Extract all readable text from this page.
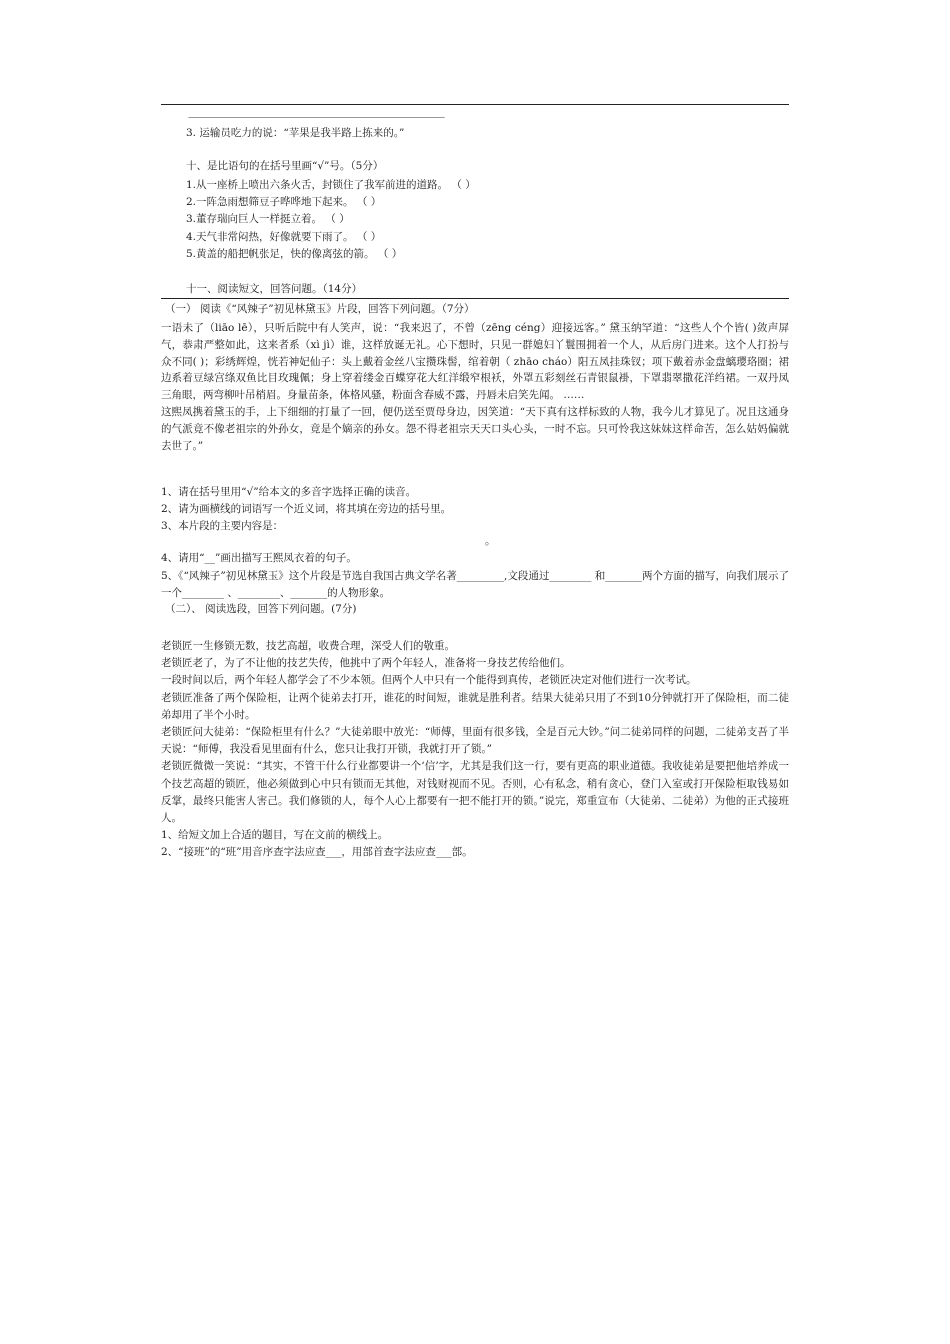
————————————————————————————————
3. 运输员吃力的说：“苹果是我半路上拣来的。”
十、是比语句的在括号里画“√”号。（5分）
1.从一座桥上喷出六条火舌，封锁住了我军前进的道路。 （ ）
2.一阵急雨想筛豆子哗哗地下起来。 （ ）
3.董存瑞向巨人一样挺立着。 （ ）
4.天气非常闷热，好像就要下雨了。 （ ）
5.黄盖的船把帆张足，快的像离弦的箭。 （ ）
十一、阅读短文，回答问题。（14分）
（一） 阅读《“风辣子”初见林黛玉》片段，回答下列问题。（7分）

一语未了（liāo lē），只听后院中有人笑声，说：“我来迟了，不曾（zēng céng）迎接远客。” 黛玉纳罕道：“这些人个个皆( )敛声屏气，恭肃严整如此，这来者系（xì jì）谁，这样放诞无礼。心下想时，只见一群媳妇丫鬟围拥着一个人，从后房门进来。这个人打扮与众不同( )；彩绣辉煌，恍若神妃仙子：头上戴着金丝八宝攒珠髻，绾着朝（ zhāo cháo）阳五凤挂珠钗；项下戴着赤金盘螭璎珞圈；裙边系着豆绿宫绦双鱼比目玫瑰佩；身上穿着缕金百蝶穿花大红洋缎窄根袄，外罩五彩刻丝石青银鼠褂，下罩翡翠撒花洋绉裙。一双丹凤三角眼，两弯柳叶吊梢眉。身量苗条，体格风骚，粉面含春威不露，丹唇未启笑先闻。 ……

这熙凤携着黛玉的手，上下细细的打量了一回，便仍送至贾母身边，因笑道：“天下真有这样标致的人物，我今儿才算见了。况且这通身的气派竟不像老祖宗的外孙女，竟是个嫡亲的孙女。怨不得老祖宗天天口头心头，一时不忘。只可怜我这妹妹这样命苦，怎么姑妈偏就去世了。”

1、请在括号里用“√”给本文的多音字选择正确的读音。
2、请为画横线的词语写一个近义词，将其填在旁边的括号里。
3、本片段的主要内容是：
。
4、请用“__”画出描写王熙凤衣着的句子。
5、《“风辣子”初见林黛玉》这个片段是节选自我国古典文学名著_________,文段通过________ 和_______两个方面的描写，向我们展示了一个________ 、________、_______的人物形象。
（二）、 阅读选段，回答下列问题。(7分)

老锁匠一生修锁无数，技艺高超，收费合理，深受人们的敬重。

老锁匠老了，为了不让他的技艺失传，他挑中了两个年轻人，准备将一身技艺传给他们。

一段时间以后，两个年轻人都学会了不少本领。但两个人中只有一个能得到真传，老锁匠决定对他们进行一次考试。

老锁匠准备了两个保险柜，让两个徒弟去打开，谁花的时间短，谁就是胜利者。结果大徒弟只用了不到10分钟就打开了保险柜，而二徒弟却用了半个小时。

老锁匠问大徒弟：“保险柜里有什么？”大徒弟眼中放光：“师傅，里面有很多钱，全是百元大钞。”问二徒弟同样的问题，二徒弟支吾了半天说：“师傅，我没看见里面有什么，您只让我打开锁，我就打开了锁。”

老锁匠微微一笑说：“其实，不管干什么行业都要讲一个‘信’字，尤其是我们这一行，要有更高的职业道德。我收徒弟是要把他培养成一个技艺高超的锁匠，他必须做到心中只有锁而无其他，对钱财视而不见。否则，心有私念，稍有贪心，登门入室或打开保险柜取钱易如反掌，最终只能害人害己。我们修锁的人，每个人心上都要有一把不能打开的锁。”说完，郑重宣布（大徒弟、二徒弟）为他的正式接班人。

1、给短文加上合适的题目，写在文前的横线上。

2、“接班”的“班”用音序查字法应查___，用部首查字法应查___部。
